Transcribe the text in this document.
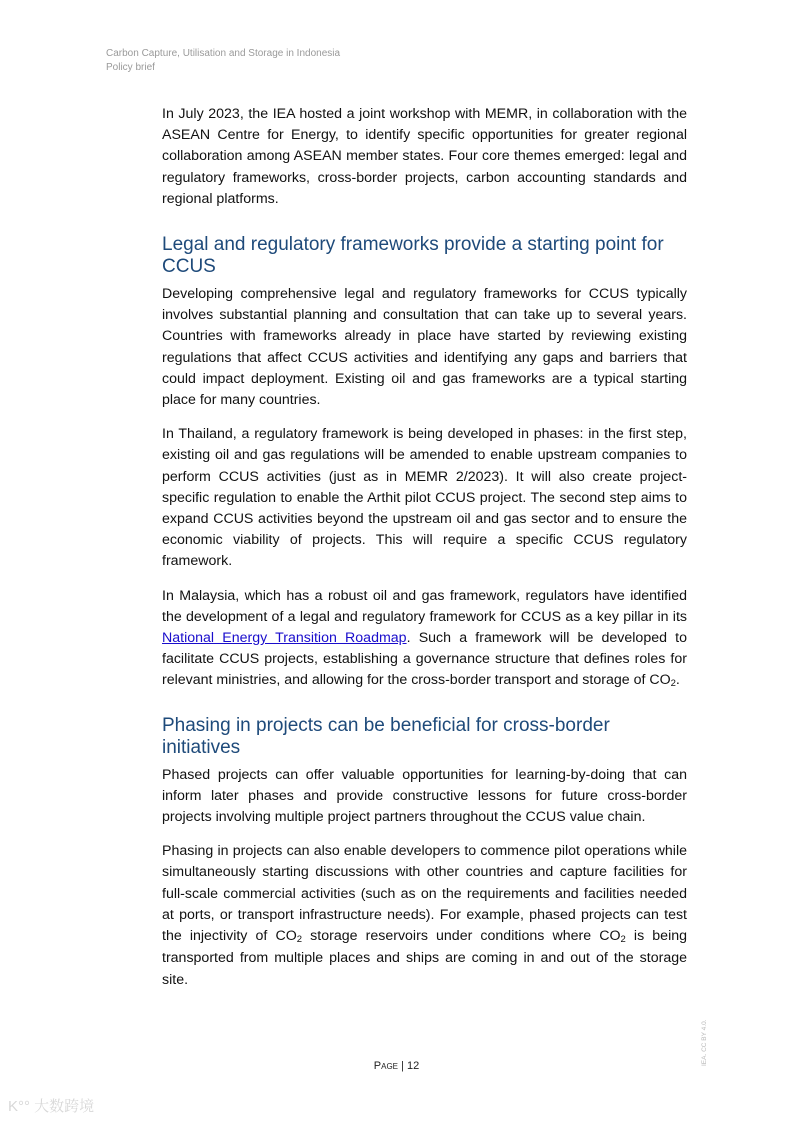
Carbon Capture, Utilisation and Storage in Indonesia
Policy brief

In July 2023, the IEA hosted a joint workshop with MEMR, in collaboration with the ASEAN Centre for Energy, to identify specific opportunities for greater regional collaboration among ASEAN member states. Four core themes emerged: legal and regulatory frameworks, cross-border projects, carbon accounting standards and regional platforms.

Legal and regulatory frameworks provide a starting point for CCUS

Developing comprehensive legal and regulatory frameworks for CCUS typically involves substantial planning and consultation that can take up to several years. Countries with frameworks already in place have started by reviewing existing regulations that affect CCUS activities and identifying any gaps and barriers that could impact deployment. Existing oil and gas frameworks are a typical starting place for many countries.

In Thailand, a regulatory framework is being developed in phases: in the first step, existing oil and gas regulations will be amended to enable upstream companies to perform CCUS activities (just as in MEMR 2/2023). It will also create project-specific regulation to enable the Arthit pilot CCUS project. The second step aims to expand CCUS activities beyond the upstream oil and gas sector and to ensure the economic viability of projects. This will require a specific CCUS regulatory framework.

In Malaysia, which has a robust oil and gas framework, regulators have identified the development of a legal and regulatory framework for CCUS as a key pillar in its National Energy Transition Roadmap. Such a framework will be developed to facilitate CCUS projects, establishing a governance structure that defines roles for relevant ministries, and allowing for the cross-border transport and storage of $CO_2$.

Phasing in projects can be beneficial for cross-border initiatives

Phased projects can offer valuable opportunities for learning-by-doing that can inform later phases and provide constructive lessons for future cross-border projects involving multiple project partners throughout the CCUS value chain.

Phasing in projects can also enable developers to commence pilot operations while simultaneously starting discussions with other countries and capture facilities for full-scale commercial activities (such as on the requirements and facilities needed at ports, or transport infrastructure needs). For example, phased projects can test the injectivity of $CO_2$ storage reservoirs under conditions where $CO_2$ is being transported from multiple places and ships are coming in and out of the storage site.

Page | 12	IEA. CC BY 4.0.
K°° 大数跨境
